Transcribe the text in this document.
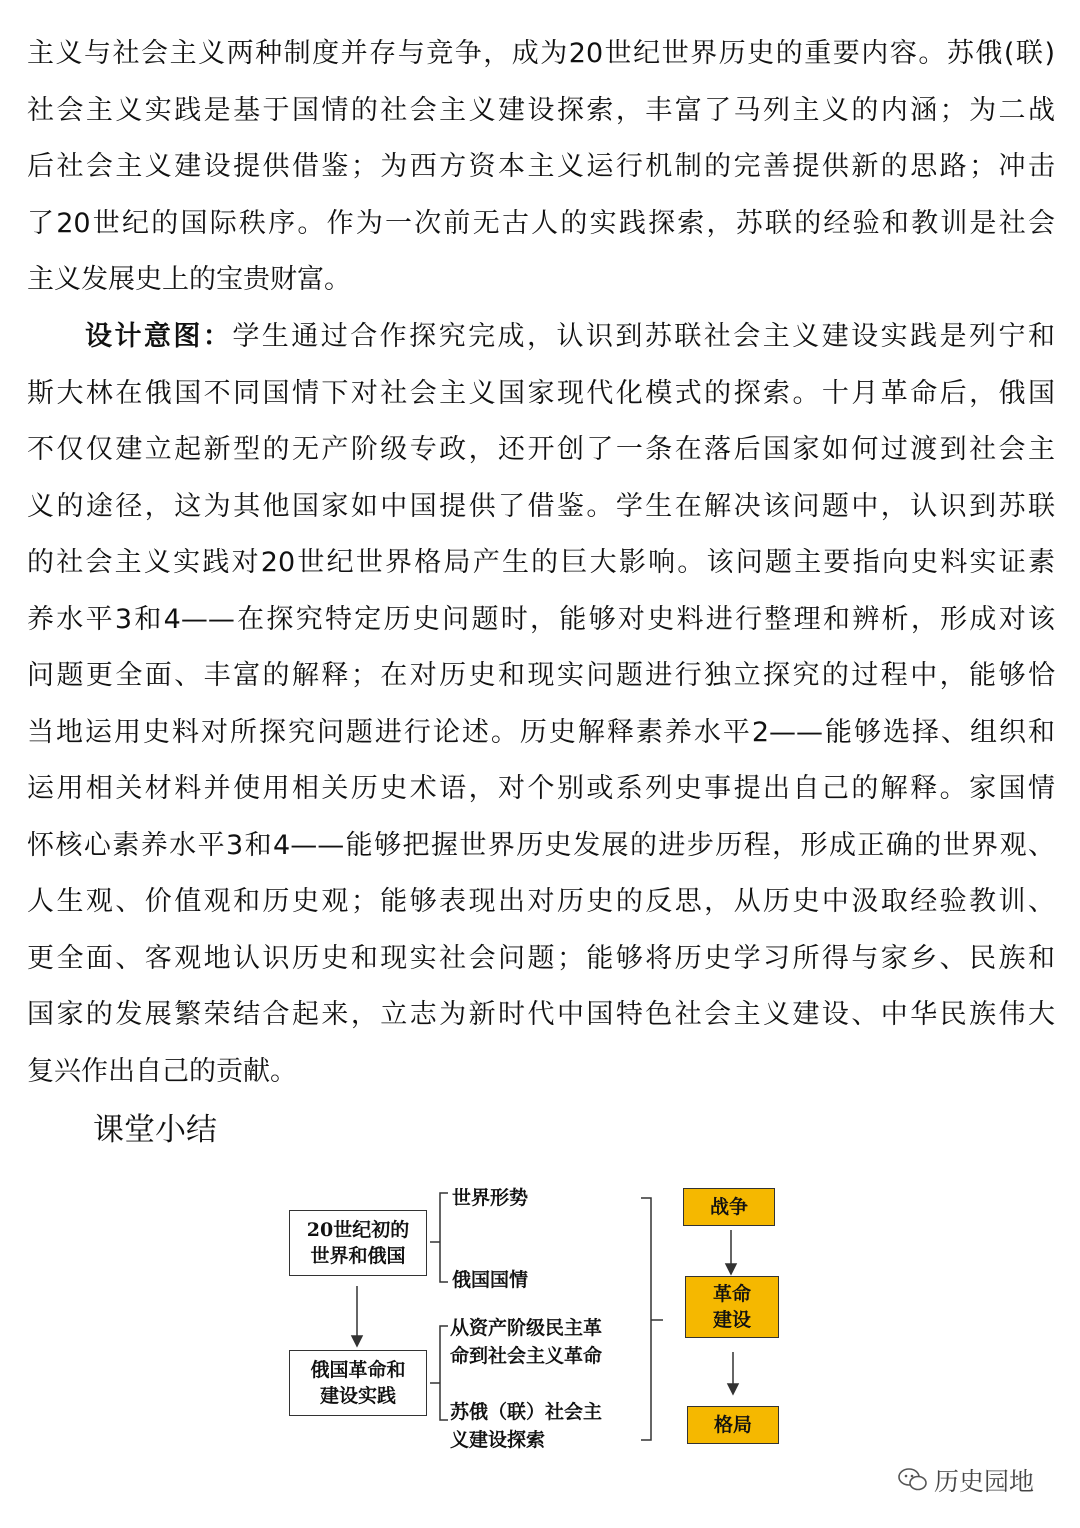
主义与社会主义两种制度并存与竞争，成为20世纪世界历史的重要内容。苏俄(联)
社会主义实践是基于国情的社会主义建设探索，丰富了马列主义的内涵；为二战
后社会主义建设提供借鉴；为西方资本主义运行机制的完善提供新的思路；冲击
了20世纪的国际秩序。作为一次前无古人的实践探索，苏联的经验和教训是社会
主义发展史上的宝贵财富。
设计意图：学生通过合作探究完成，认识到苏联社会主义建设实践是列宁和
斯大林在俄国不同国情下对社会主义国家现代化模式的探索。十月革命后，俄国
不仅仅建立起新型的无产阶级专政，还开创了一条在落后国家如何过渡到社会主
义的途径，这为其他国家如中国提供了借鉴。学生在解决该问题中，认识到苏联
的社会主义实践对20世纪世界格局产生的巨大影响。该问题主要指向史料实证素
养水平3和4——在探究特定历史问题时，能够对史料进行整理和辨析，形成对该
问题更全面、丰富的解释；在对历史和现实问题进行独立探究的过程中，能够恰
当地运用史料对所探究问题进行论述。历史解释素养水平2——能够选择、组织和
运用相关材料并使用相关历史术语，对个别或系列史事提出自己的解释。家国情
怀核心素养水平3和4——能够把握世界历史发展的进步历程，形成正确的世界观、
人生观、价值观和历史观；能够表现出对历史的反思，从历史中汲取经验教训、
更全面、客观地认识历史和现实社会问题；能够将历史学习所得与家乡、民族和
国家的发展繁荣结合起来，立志为新时代中国特色社会主义建设、中华民族伟大
复兴作出自己的贡献。
课堂小结
20世纪初的
世界和俄国
俄国革命和
建设实践
世界形势
俄国国情
从资产阶级民主革
命到社会主义革命
苏俄（联）社会主
义建设探索
战争
革命
建设
格局
历史园地
